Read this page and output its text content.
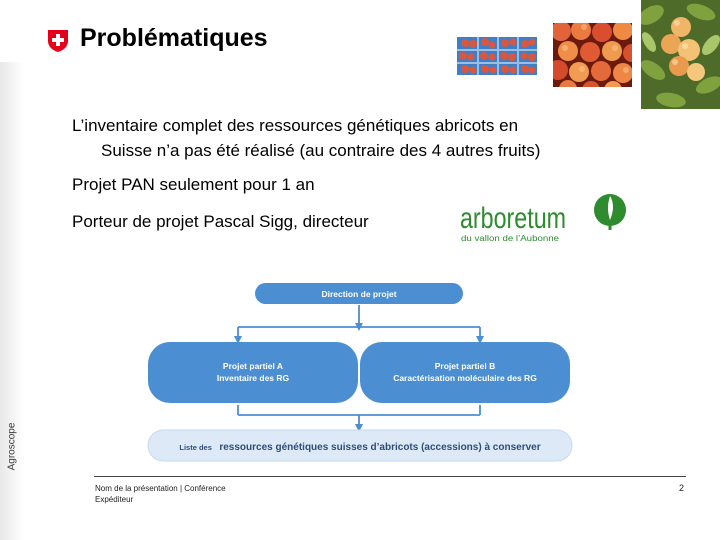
Agroscope
Problématiques
L’inventaire complet des ressources génétiques abricots en
Suisse n’a pas été réalisé (au contraire des 4 autres fruits)
Projet PAN seulement pour 1 an
Porteur de projet Pascal Sigg, directeur	arboretum
du vallon de l’Aubonne
Direction de projet
Projet partiel A
Inventaire des RG
Projet partiel B
Caractérisation moléculaire des RG
Liste des ressources génétiques suisses d’abricots (accessions) à conserver
Nom de la présentation | Conférence
Expéditeur
2
